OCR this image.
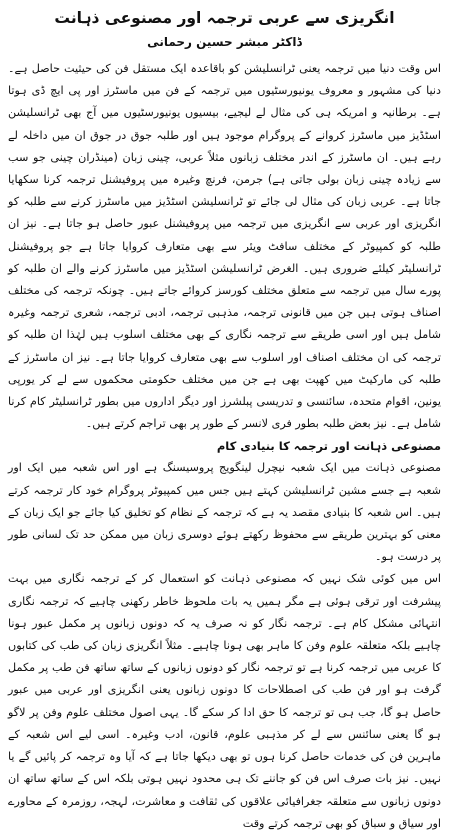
انگریزی سے عربی ترجمہ اور مصنوعی ذہانت
ڈاکٹر مبشر حسین رحمانی

اس وقت دنیا میں ترجمہ یعنی ٹرانسلیشن کو باقاعدہ ایک مستقل فن کی حیثیت حاصل ہے۔ دنیا کی مشہور و معروف یونیورسٹیوں میں ترجمہ کے فن میں ماسٹرز اور پی ایچ ڈی ہوتا ہے۔ برطانیہ و امریکہ ہی کی مثال لے لیجیے، بیسیوں یونیورسٹیوں میں آج بھی ٹرانسلیشن اسٹڈیز میں ماسٹرز کروانے کے پروگرام موجود ہیں اور طلبہ جوق در جوق ان میں داخلہ لے رہے ہیں۔ ان ماسٹرز کے اندر مختلف زبانوں مثلاً عربی، چینی زبان (مینڈران چینی جو سب سے زیادہ چینی زبان بولی جاتی ہے) جرمن، فرنچ وغیرہ میں پروفیشنل ترجمہ کرنا سکھایا جاتا ہے۔ عربی زبان کی مثال لی جائے تو ٹرانسلیشن اسٹڈیز میں ماسٹرز کرنے سے طلبہ کو انگریزی اور عربی سے انگریزی میں ترجمہ میں پروفیشنل عبور حاصل ہو جاتا ہے۔ نیز ان طلبہ کو کمپیوٹر کے مختلف سافٹ ویئر سے بھی متعارف کروایا جاتا ہے جو پروفیشنل ٹرانسلیٹر کیلئے ضروری ہیں۔ الغرض ٹرانسلیشن اسٹڈیز میں ماسٹرز کرنے والے ان طلبہ کو پورے سال میں ترجمہ سے متعلق مختلف کورسز کروائے جاتے ہیں۔ چونکہ ترجمہ کی مختلف اصناف ہوتی ہیں جن میں قانونی ترجمہ، مذہبی ترجمہ، ادبی ترجمہ، شعری ترجمہ وغیرہ شامل ہیں اور اسی طریقے سے ترجمہ نگاری کے بھی مختلف اسلوب ہیں لہٰذا ان طلبہ کو ترجمہ کی ان مختلف اصناف اور اسلوب سے بھی متعارف کروایا جاتا ہے۔ نیز ان ماسٹرز کے طلبہ کی مارکیٹ میں کھپت بھی ہے جن میں مختلف حکومتی محکموں سے لے کر یورپی یونین، اقوام متحدہ، سائنسی و تدریسی پبلشرز اور دیگر اداروں میں بطور ٹرانسلیٹر کام کرنا شامل ہے۔ نیز بعض طلبہ بطور فری لانسر کے طور پر بھی تراجم کرتے ہیں۔

مصنوعی ذہانت اور ترجمہ کا بنیادی کام

مصنوعی ذہانت میں ایک شعبہ نیچرل لینگویج پروسیسنگ ہے اور اس شعبہ میں ایک اور شعبہ ہے جسے مشین ٹرانسلیشن کہتے ہیں جس میں کمپیوٹر پروگرام خود کار ترجمہ کرتے ہیں۔ اس شعبہ کا بنیادی مقصد یہ ہے کہ ترجمہ کے نظام کو تخلیق کیا جائے جو ایک زبان کے معنی کو بہترین طریقے سے محفوظ رکھتے ہوئے دوسری زبان میں ممکن حد تک لسانی طور پر درست ہو۔

اس میں کوئی شک نہیں کہ مصنوعی ذہانت کو استعمال کر کے ترجمہ نگاری میں بہت پیشرفت اور ترقی ہوئی ہے مگر ہمیں یہ بات ملحوظ خاطر رکھنی چاہیے کہ ترجمہ نگاری انتہائی مشکل کام ہے۔ ترجمہ نگار کو نہ صرف یہ کہ دونوں زبانوں پر مکمل عبور ہونا چاہیے بلکہ متعلقہ علوم وفن کا ماہر بھی ہونا چاہیے۔ مثلاً انگریزی زبان کی طب کی کتابوں کا عربی میں ترجمہ کرنا ہے تو ترجمہ نگار کو دونوں زبانوں کے ساتھ ساتھ فن طب پر مکمل گرفت ہو اور فن طب کی اصطلاحات کا دونوں زبانوں یعنی انگریزی اور عربی میں عبور حاصل ہو گا، جب ہی تو ترجمہ کا حق ادا کر سکے گا۔ یہی اصول مختلف علوم وفن پر لاگو ہو گا یعنی سائنس سے لے کر مذہبی علوم، قانون، ادب وغیرہ۔ اسی لیے اس شعبہ کے ماہرین فن کی خدمات حاصل کرنا ہوں تو بھی دیکھا جاتا ہے کہ آیا وہ ترجمہ کر پائیں گے یا نہیں۔ نیز بات صرف اس فن کو جاننے تک ہی محدود نہیں ہوتی بلکہ اس کے ساتھ ساتھ ان دونوں زبانوں سے متعلقہ جغرافیائی علاقوں کی ثقافت و معاشرت، لہجہ، روزمرہ کے محاورے اور سیاق و سباق کو بھی ترجمہ کرتے وقت
